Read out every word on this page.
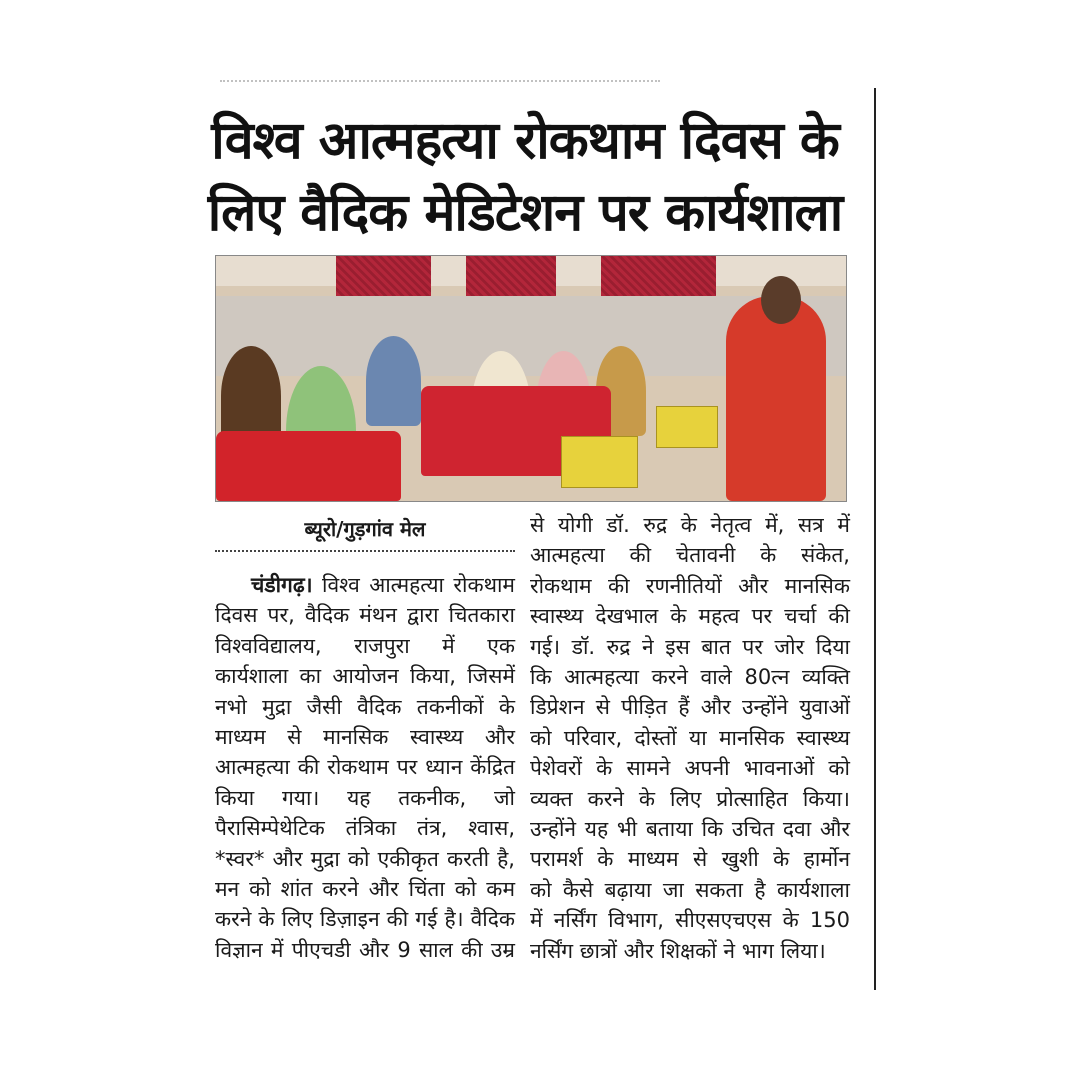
विश्व आत्महत्या रोकथाम दिवस के
लिए वैदिक मेडिटेशन पर कार्यशाला
ब्यूरो/गुड़गांव मेल
चंडीगढ़। विश्व आत्महत्या रोकथाम
दिवस पर, वैदिक मंथन द्वारा चितकारा
विश्वविद्यालय, राजपुरा में एक
कार्यशाला का आयोजन किया, जिसमें
नभो मुद्रा जैसी वैदिक तकनीकों के
माध्यम से मानसिक स्वास्थ्य और
आत्महत्या की रोकथाम पर ध्यान केंद्रित
किया गया। यह तकनीक, जो
पैरासिम्पेथेटिक तंत्रिका तंत्र, श्वास,
*स्वर* और मुद्रा को एकीकृत करती है,
मन को शांत करने और चिंता को कम
करने के लिए डिज़ाइन की गई है। वैदिक
विज्ञान में पीएचडी और 9 साल की उम्र
से योगी डॉ. रुद्र के नेतृत्व में, सत्र में
आत्महत्या की चेतावनी के संकेत,
रोकथाम की रणनीतियों और मानसिक
स्वास्थ्य देखभाल के महत्व पर चर्चा की
गई। डॉ. रुद्र ने इस बात पर जोर दिया
कि आत्महत्या करने वाले 80त्न व्यक्ति
डिप्रेशन से पीड़ित हैं और उन्होंने युवाओं
को परिवार, दोस्तों या मानसिक स्वास्थ्य
पेशेवरों के सामने अपनी भावनाओं को
व्यक्त करने के लिए प्रोत्साहित किया।
उन्होंने यह भी बताया कि उचित दवा और
परामर्श के माध्यम से खुशी के हार्मोन
को कैसे बढ़ाया जा सकता है कार्यशाला
में नर्सिंग विभाग, सीएसएचएस के 150
नर्सिंग छात्रों और शिक्षकों ने भाग लिया।
